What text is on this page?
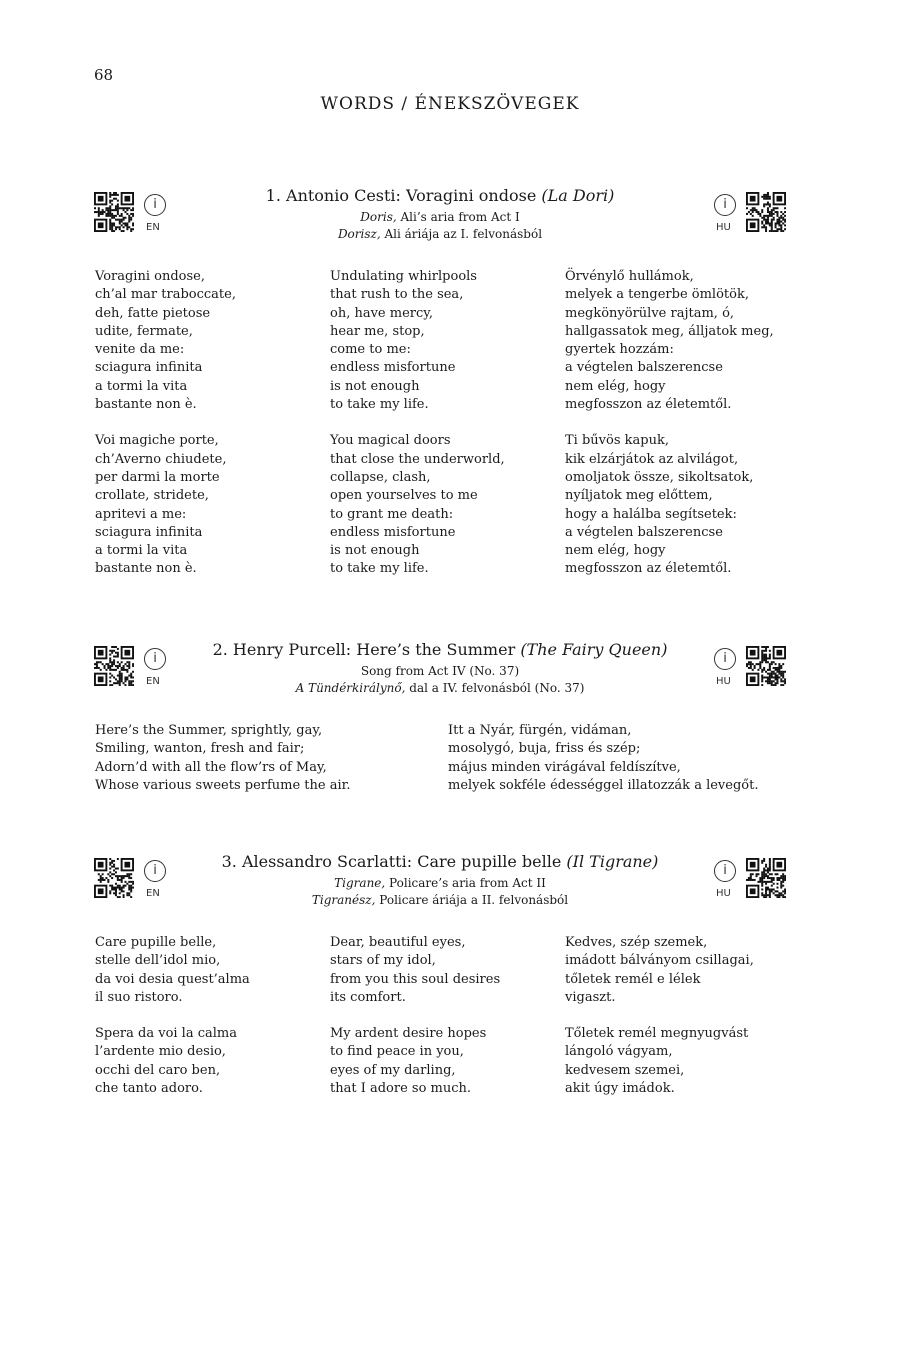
68
WORDS / ÉNEKSZÖVEGEK
i
EN
1. Antonio Cesti: Voragini ondose (La Dori)
Doris, Ali’s aria from Act I
Dorisz, Ali áriája az I. felvonásból
i
HU
Voragini ondose,
ch’al mar traboccate,
deh, fatte pietose
udite, fermate,
venite da me:
sciagura infinita
a tormi la vita
bastante non è.
Voi magiche porte,
ch’Averno chiudete,
per darmi la morte
crollate, stridete,
apritevi a me:
sciagura infinita
a tormi la vita
bastante non è.
Undulating whirlpools
that rush to the sea,
oh, have mercy,
hear me, stop,
come to me:
endless misfortune
is not enough
to take my life.
You magical doors
that close the underworld,
collapse, clash,
open yourselves to me
to grant me death:
endless misfortune
is not enough
to take my life.
Örvénylő hullámok,
melyek a tengerbe ömlötök,
megkönyörülve rajtam, ó,
hallgassatok meg, álljatok meg,
gyertek hozzám:
a végtelen balszerencse
nem elég, hogy
megfosszon az életemtől.
Ti bűvös kapuk,
kik elzárjátok az alvilágot,
omoljatok össze, sikoltsatok,
nyíljatok meg előttem,
hogy a halálba segítsetek:
a végtelen balszerencse
nem elég, hogy
megfosszon az életemtől.
i
EN
2. Henry Purcell: Here’s the Summer (The Fairy Queen)
Song from Act IV (No. 37)
A Tündérkirálynő, dal a IV. felvonásból (No. 37)
i
HU
Here’s the Summer, sprightly, gay,
Smiling, wanton, fresh and fair;
Adorn’d with all the flow’rs of May,
Whose various sweets perfume the air.
Itt a Nyár, fürgén, vidáman,
mosolygó, buja, friss és szép;
május minden virágával feldíszítve,
melyek sokféle édességgel illatozzák a levegőt.
i
EN
3. Alessandro Scarlatti: Care pupille belle (Il Tigrane)
Tigrane, Policare’s aria from Act II
Tigranész, Policare áriája a II. felvonásból
i
HU
Care pupille belle,
stelle dell’idol mio,
da voi desia quest’alma
il suo ristoro.
Spera da voi la calma
l’ardente mio desio,
occhi del caro ben,
che tanto adoro.
Dear, beautiful eyes,
stars of my idol,
from you this soul desires
its comfort.
My ardent desire hopes
to find peace in you,
eyes of my darling,
that I adore so much.
Kedves, szép szemek,
imádott bálványom csillagai,
tőletek remél e lélek
vigaszt.
Tőletek remél megnyugvást
lángoló vágyam,
kedvesem szemei,
akit úgy imádok.
